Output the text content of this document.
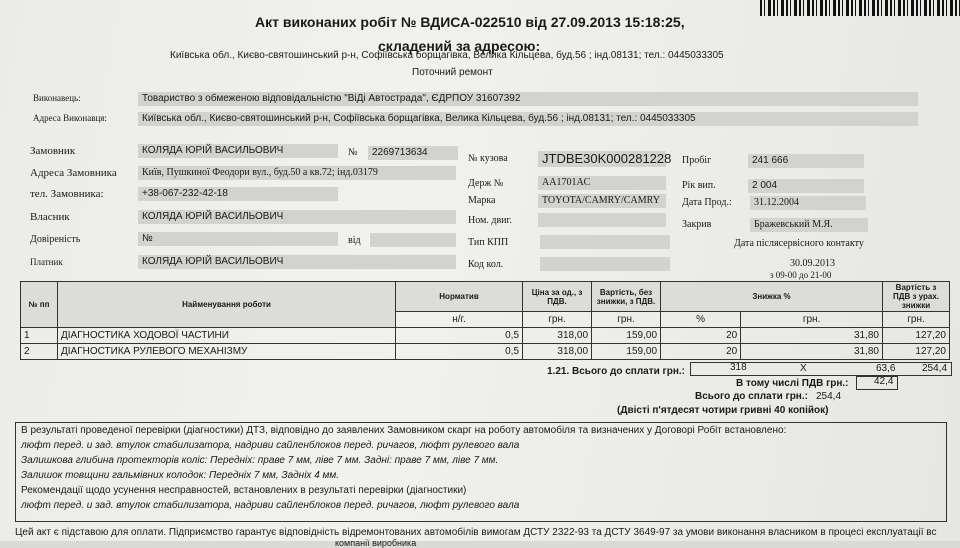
Акт виконаних робіт № ВДИСА-022510 від 27.09.2013 15:18:25,
складений за адресою:
Київська обл., Києво-святошинський р-н, Софіївська борщагівка, Велика Кільцева, буд.56 ; інд.08131; тел.: 0445033305
Поточний ремонт
Виконавець:	Товариство з обмеженою відповідальністю "ВіДі Автострада", ЄДРПОУ 31607392
Адреса Виконавця:	Київська обл., Києво-святошинський р-н, Софіївська борщагівка, Велика Кільцева, буд.56 ; інд.08131; тел.: 0445033305
Замовник	КОЛЯДА ЮРІЙ ВАСИЛЬОВИЧ	№ 2269713634
Адреса Замовника	Київ, Пушкиної Феодори вул., буд.50 а кв.72; інд.03179
тел. Замовника:	+38-067-232-42-18
Власник	КОЛЯДА ЮРІЙ ВАСИЛЬОВИЧ
Довіреність	№	від
Платник	КОЛЯДА ЮРІЙ ВАСИЛЬОВИЧ
№ кузова	JTDBE30K000281228
Держ №	AA1701AC
Марка	TOYOTA/CAMRY/CAMRY
Ном. двиг.
Тип КПП
Код кол.
Пробіг	241 666
Рік вип.	2 004
Дата Прод.: 31.12.2004
Закрив	Бражевський М.Я.
Дата післясервісного контакту
30.09.2013
з 09-00 до 21-00
№ пп	Найменування роботи	Норматив	Ціна за од., з ПДВ.	Вартість, без знижки, з ПДВ.	Знижка %		Вартість з ПДВ з урах. знижки
		н/г.	грн.	грн.	%	грн.	грн.
1	ДІАГНОСТИКА ХОДОВОЇ ЧАСТИНИ	0,5	318,00	159,00	20	31,80	127,20
2	ДІАГНОСТИКА РУЛЕВОГО МЕХАНІЗМУ	0,5	318,00	159,00	20	31,80	127,20
1.21. Всього до сплати грн.:	318	X	63,6	254,4
В тому числі ПДВ грн.:	42,4
Всього до сплати грн.: 254,4
(Двісті п'ятдесят чотири гривні 40 копійок)
В результаті проведеної перевірки (діагностики) ДТЗ, відповідно до заявлених Замовником скарг на роботу автомобіля та визначених у Договорі Робіт встановлено:
люфт перед. и зад. втулок стабилизатора, надриви сайленблоков перед. ричагов, люфт рулевого вала
Залишкова глибина протекторів коліс: Передніх: праве 7 мм, ліве 7 мм. Задні: праве 7 мм, ліве 7 мм.
Залишок товщини гальмівних колодок: Передніх 7 мм, Задніх 4 мм.
Рекомендації щодо усунення несправностей, встановлених в результаті перевірки (діагностики)
люфт перед. и зад. втулок стабилизатора, надриви сайленблоков перед. ричагов, люфт рулевого вала
Цей акт є підставою для оплати. Підприємство гарантує відповідність відремонтованих автомобілів вимогам ДСТУ 2322-93 та ДСТУ 3649-97 за умови виконання власником в процесі експлуатації вс
компанії виробника
